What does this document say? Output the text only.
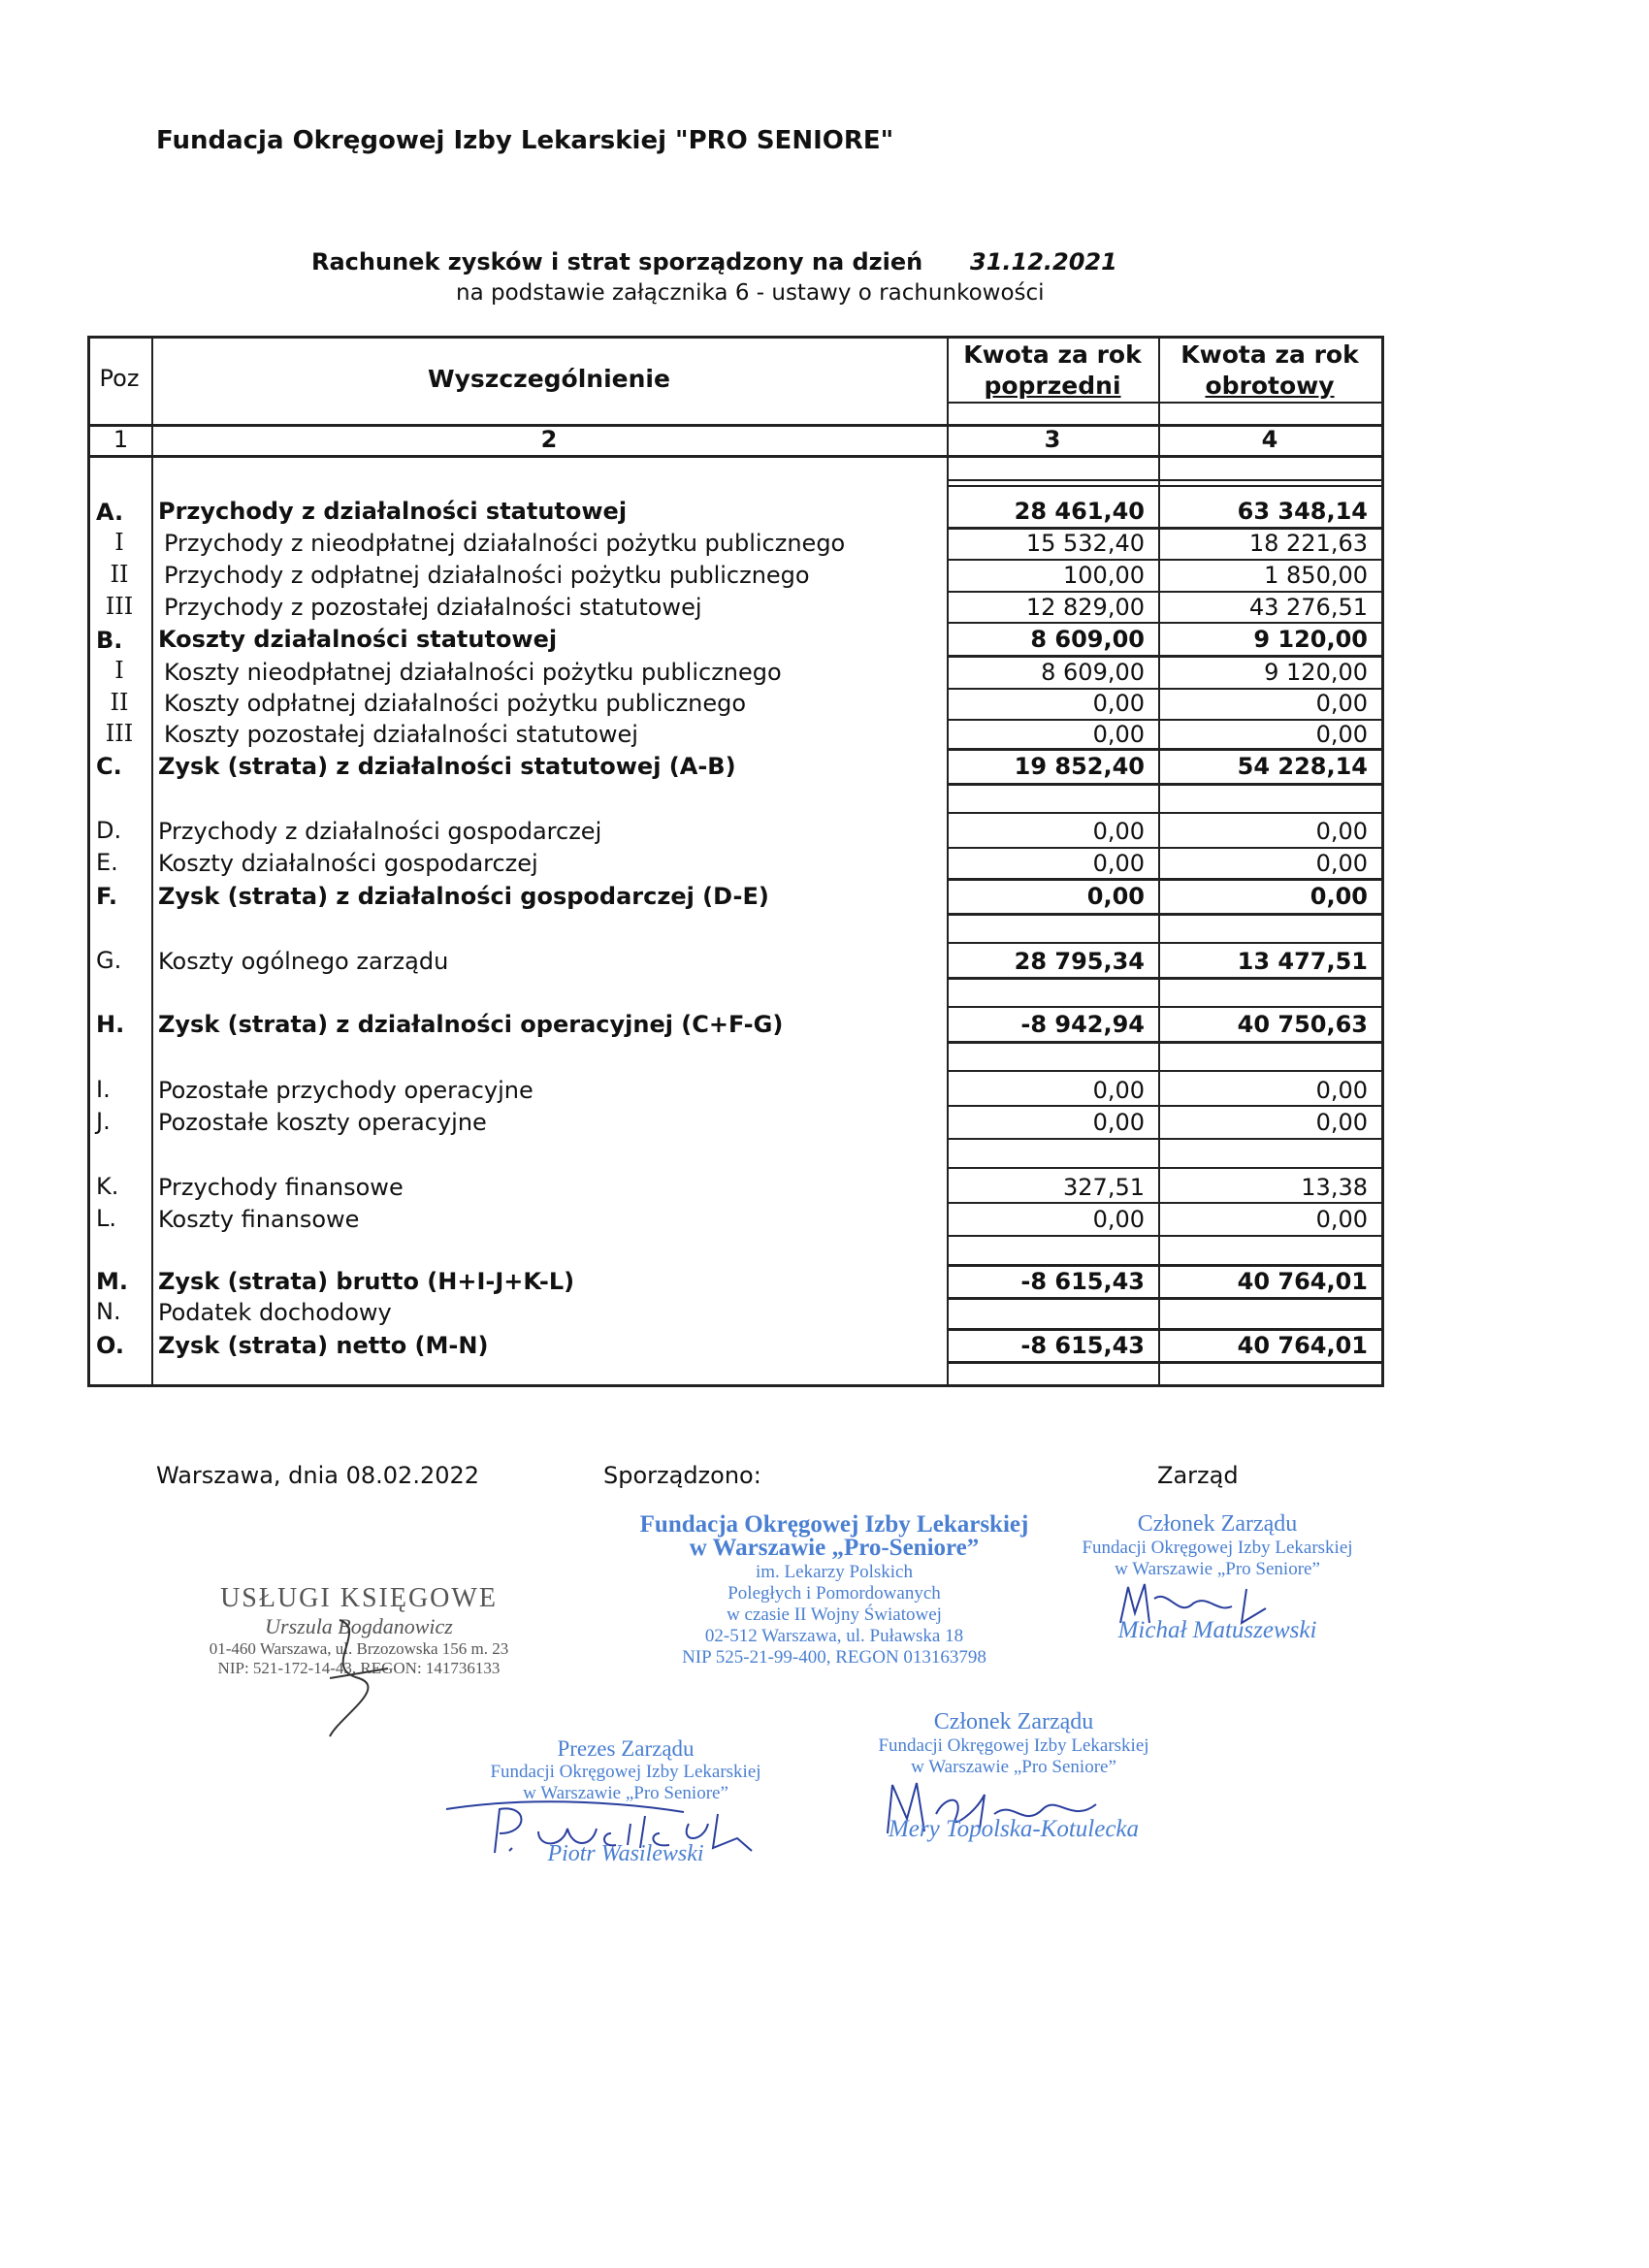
Fundacja Okręgowej Izby Lekarskiej "PRO SENIORE"
Rachunek zysków i strat sporządzony na dzień 31.12.2021
na podstawie załącznika 6 - ustawy o rachunkowości
Poz	Wyszczególnienie
Kwota za rok
poprzedni
Kwota za rok
obrotowy
1	2	3	4
A. Przychody z działalności statutowej	28 461,40	63 348,14
I	Przychody z nieodpłatnej działalności pożytku publicznego	15 532,40	18 221,63
II	Przychody z odpłatnej działalności pożytku publicznego	100,00	1 850,00
III	Przychody z pozostałej działalności statutowej	12 829,00	43 276,51
B. Koszty działalności statutowej	8 609,00	9 120,00
I	Koszty nieodpłatnej działalności pożytku publicznego	8 609,00	9 120,00
II	Koszty odpłatnej działalności pożytku publicznego	0,00	0,00
III	Koszty pozostałej działalności statutowej	0,00	0,00
C. Zysk (strata) z działalności statutowej (A-B)	19 852,40	54 228,14
D. Przychody z działalności gospodarczej	0,00	0,00
E. Koszty działalności gospodarczej	0,00	0,00
F. Zysk (strata) z działalności gospodarczej (D-E)	0,00	0,00
G. Koszty ogólnego zarządu	28 795,34	13 477,51
H. Zysk (strata) z działalności operacyjnej (C+F-G)	-8 942,94	40 750,63
I. Pozostałe przychody operacyjne	0,00	0,00
J. Pozostałe koszty operacyjne	0,00	0,00
K. Przychody finansowe	327,51	13,38
L. Koszty finansowe	0,00	0,00
M. Zysk (strata) brutto (H+I-J+K-L)	-8 615,43	40 764,01
N. Podatek dochodowy
O. Zysk (strata) netto (M-N)	-8 615,43	40 764,01
Warszawa, dnia 08.02.2022	Sporządzono:	Zarząd
Fundacja Okręgowej Izby Lekarskiej
w Warszawie „Pro-Seniore”
im. Lekarzy Polskich
Poległych i Pomordowanych
w czasie II Wojny Światowej
02-512 Warszawa, ul. Puławska 18
NIP 525-21-99-400, REGON 013163798
USŁUGI KSIĘGOWE
Urszula Bogdanowicz
01-460 Warszawa, ul. Brzozowska 156 m. 23
NIP: 521-172-14-43, REGON: 141736133
Członek Zarządu
Fundacji Okręgowej Izby Lekarskiej
w Warszawie „Pro Seniore”
Michał Matuszewski
Członek Zarządu
Fundacji Okręgowej Izby Lekarskiej
w Warszawie „Pro Seniore”
Mery Topolska-Kotulecka
Prezes Zarządu
Fundacji Okręgowej Izby Lekarskiej
w Warszawie „Pro Seniore”
Piotr Wasilewski
